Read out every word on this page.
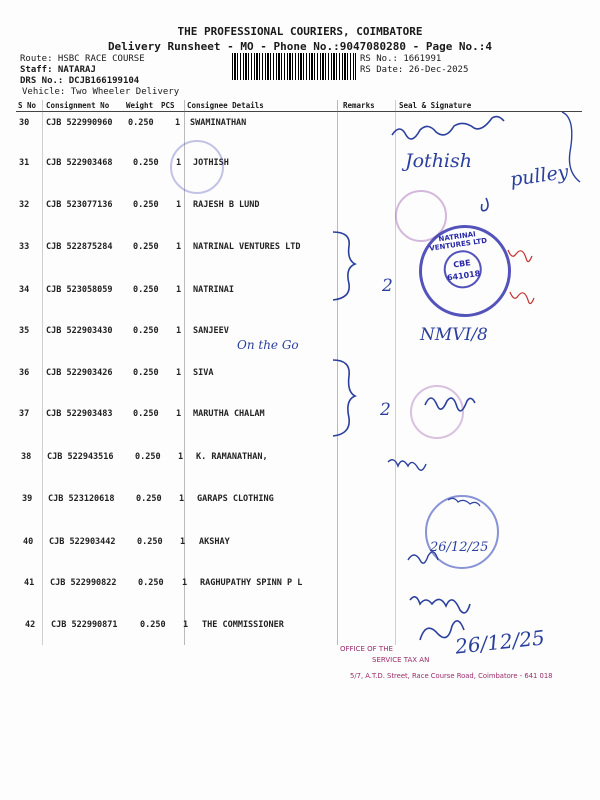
THE PROFESSIONAL COURIERS, COIMBATORE
Delivery Runsheet - MO - Phone No.:9047080280 - Page No.:4
Route: HSBC RACE COURSE
Staff: NATARAJ
DRS No.: DCJB166199104
Vehicle: Two Wheeler Delivery
RS No.: 1661991
RS Date: 26-Dec-2025
S No Consignment No Weight PCS Consignee Details	Remarks	Seal & Signature
30 CJB 522990960 0.250	1 SWAMINATHAN
31 CJB 522903468 0.250 1 JOTHISH
32 CJB 523077136 0.250 1 RAJESH B LUND
33 CJB 522875284 0.250 1 NATRINAL VENTURES LTD
34 CJB 523058059 0.250 1 NATRINAI
35 CJB 522903430 0.250 1 SANJEEV
36 CJB 522903426 0.250 1 SIVA
37 CJB 522903483 0.250 1 MARUTHA CHALAM
38 CJB 522943516	0.250 1 K. RAMANATHAN,
39 CJB 523120618	0.250 1 GARAPS CLOTHING
40 CJB 522903442	0.250 1 AKSHAY
41 CJB 522990822	0.250 1 RAGHUPATHY SPINN P L
42 CJB 522990871	0.250 1 THE COMMISSIONER
NATRINAI VENTURES LTD
CBE
641018
Jothish
pulley
2
2
On the Go	NMVI/8
26/12/25
26/12/25
OFFICE OF THE
SERVICE TAX AN
5/7, A.T.D. Street, Race Course Road, Coimbatore - 641 018
